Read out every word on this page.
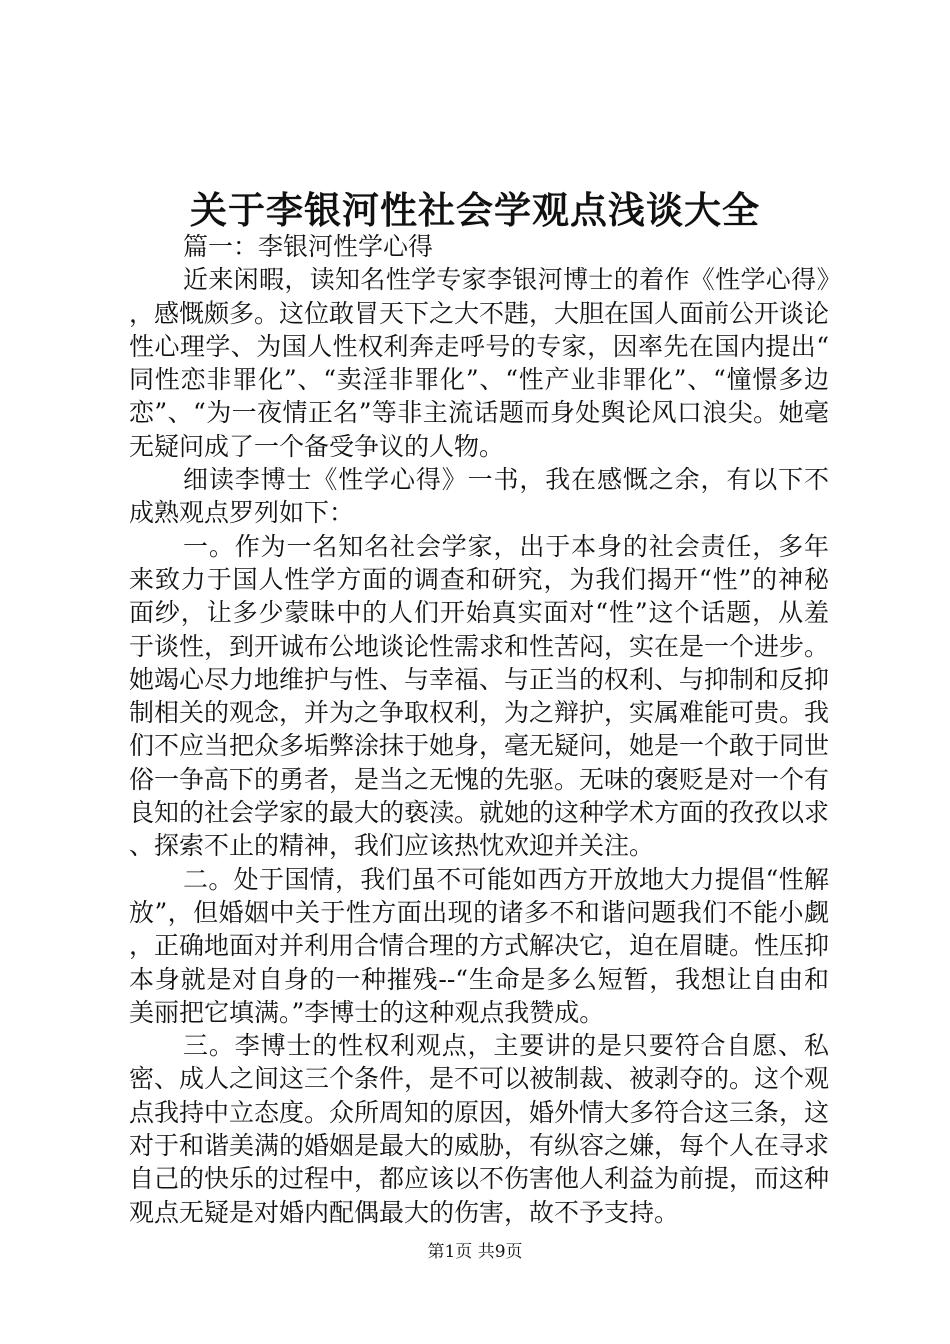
关于李银河性社会学观点浅谈大全
篇一：李银河性学心得

近来闲暇，读知名性学专家李银河博士的着作《性学心得》，感慨颇多。这位敢冒天下之大不韪，大胆在国人面前公开谈论性心理学、为国人性权利奔走呼号的专家，因率先在国内提出“同性恋非罪化”、“卖淫非罪化”、“性产业非罪化”、“憧憬多边恋”、“为一夜情正名”等非主流话题而身处舆论风口浪尖。她毫无疑问成了一个备受争议的人物。

细读李博士《性学心得》一书，我在感慨之余，有以下不成熟观点罗列如下：

一。作为一名知名社会学家，出于本身的社会责任，多年来致力于国人性学方面的调查和研究，为我们揭开“性”的神秘面纱，让多少蒙昧中的人们开始真实面对“性”这个话题，从羞于谈性，到开诚布公地谈论性需求和性苦闷，实在是一个进步。她竭心尽力地维护与性、与幸福、与正当的权利、与抑制和反抑制相关的观念，并为之争取权利，为之辩护，实属难能可贵。我们不应当把众多垢弊涂抹于她身，毫无疑问，她是一个敢于同世俗一争高下的勇者，是当之无愧的先驱。无味的褒贬是对一个有良知的社会学家的最大的亵渎。就她的这种学术方面的孜孜以求、探索不止的精神，我们应该热忱欢迎并关注。

二。处于国情，我们虽不可能如西方开放地大力提倡“性解放”，但婚姻中关于性方面出现的诸多不和谐问题我们不能小觑，正确地面对并利用合情合理的方式解决它，迫在眉睫。性压抑本身就是对自身的一种摧残--“生命是多么短暂，我想让自由和美丽把它填满。”李博士的这种观点我赞成。

三。李博士的性权利观点，主要讲的是只要符合自愿、私密、成人之间这三个条件，是不可以被制裁、被剥夺的。这个观点我持中立态度。众所周知的原因，婚外情大多符合这三条，这对于和谐美满的婚姻是最大的威胁，有纵容之嫌，每个人在寻求自己的快乐的过程中，都应该以不伤害他人利益为前提，而这种观点无疑是对婚内配偶最大的伤害，故不予支持。

第1页 共9页
